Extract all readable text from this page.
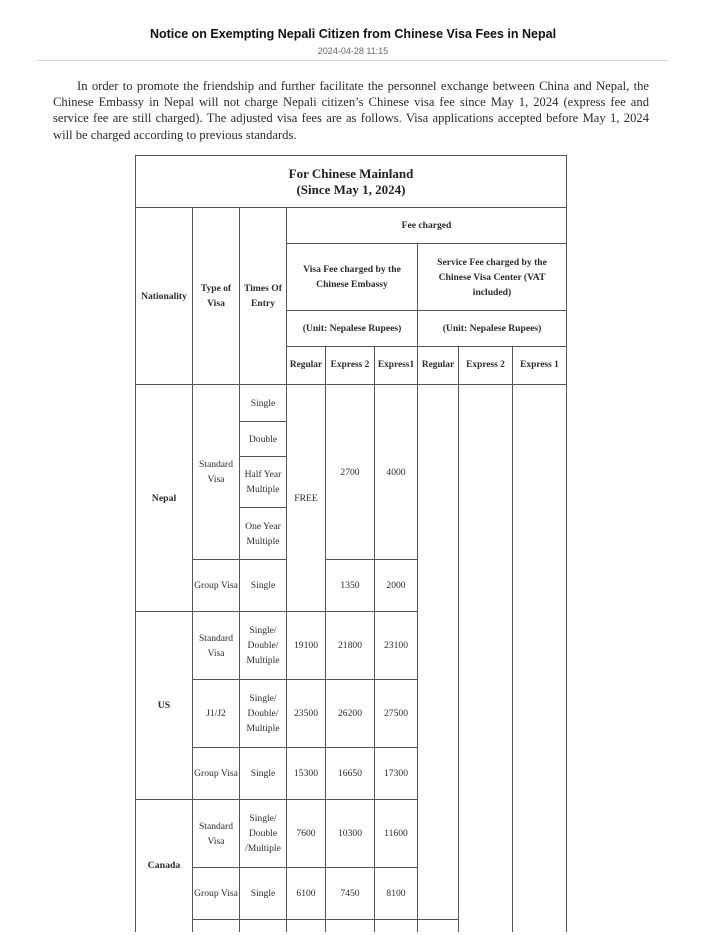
Notice on Exempting Nepali Citizen from Chinese Visa Fees in Nepal
2024-04-28 11:15

In order to promote the friendship and further facilitate the personnel exchange between China and Nepal, the Chinese Embassy in Nepal will not charge Nepali citizen’s Chinese visa fee since May 1, 2024 (express fee and service fee are still charged). The adjusted visa fees are as follows. Visa applications accepted before May 1, 2024 will be charged according to previous standards.

For Chinese Mainland
(Since May 1, 2024)									

Nationality	Type of Visa	Times Of Entry	Fee charged						
			Visa Fee charged by the Chinese Embassy			Service Fee charged by the Chinese Visa Center (VAT included)			

			(Unit: Nepalese Rupees)			(Unit: Nepalese Rupees)			
			Regular	Express 2	Express1	Regular	Express 2	Express 1	
Nepal	Standard Visa	Single	FREE	2700	4000				
		Double							
		Half Year Multiple							
		One Year Multiple							

	Group Visa	Single		1350	2000				
US	Standard Visa	Single/ Double/ Multiple	19100	21800	23100				
	J1/J2	Single/ Double/ Multiple	23500	26200	27500				
	Group Visa	Single	15300	16650	17300				
Canada	Standard Visa	Single/ Double /Multiple	7600	10300	11600				
	Group Visa	Single	6100	7450	8100				
